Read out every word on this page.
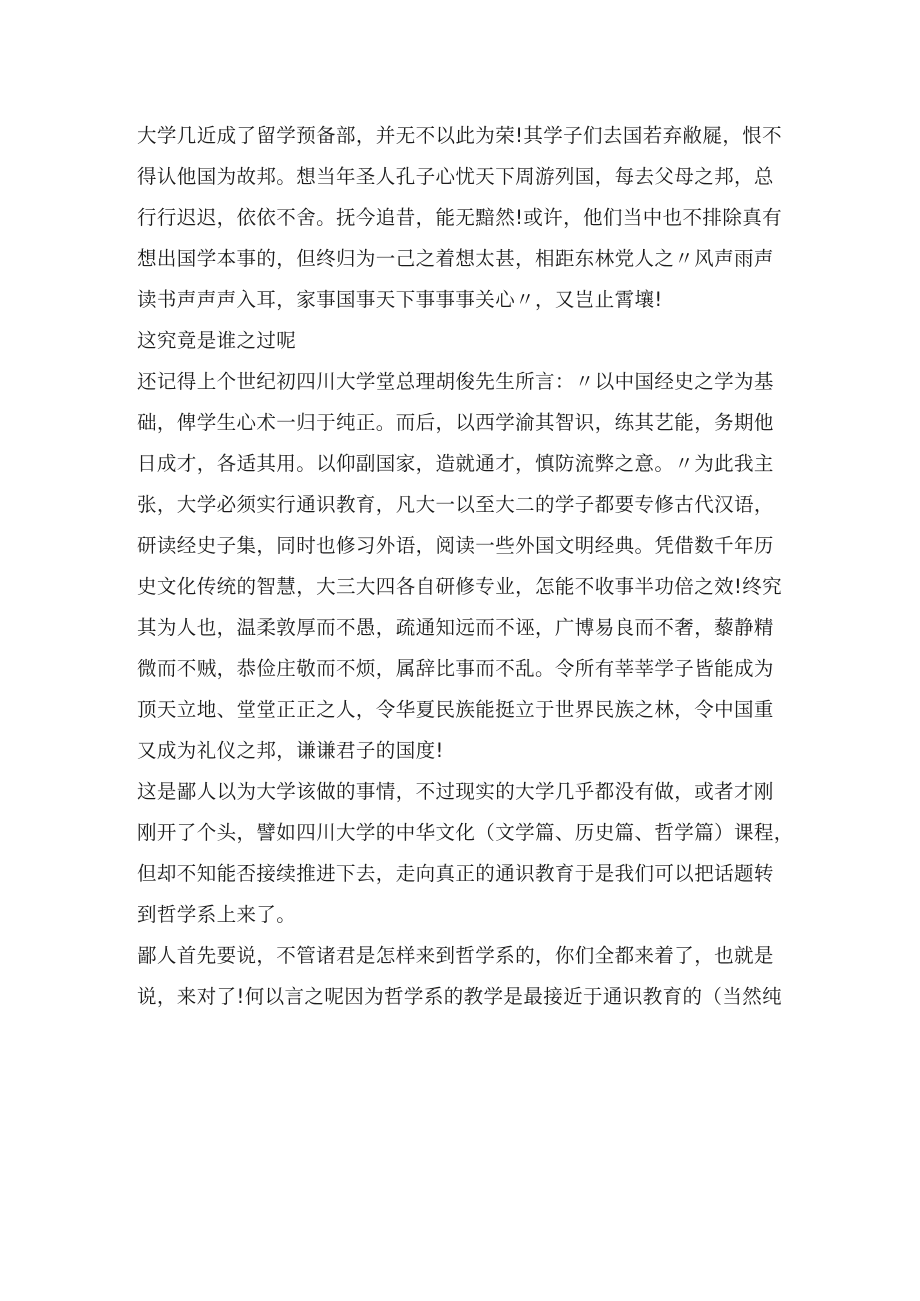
大学几近成了留学预备部，并无不以此为荣!其学子们去国若弃敝屣，恨不
得认他国为故邦。想当年圣人孔子心忧天下周游列国，每去父母之邦，总
行行迟迟，依依不舍。抚今追昔，能无黯然!或许，他们当中也不排除真有
想出国学本事的，但终归为一己之着想太甚，相距东林党人之〃风声雨声
读书声声声入耳，家事国事天下事事事关心〃，又岂止霄壤!
这究竟是谁之过呢
还记得上个世纪初四川大学堂总理胡俊先生所言：〃以中国经史之学为基
础，俾学生心术一归于纯正。而后，以西学渝其智识，练其艺能，务期他
日成才，各适其用。以仰副国家，造就通才，慎防流弊之意。〃为此我主
张，大学必须实行通识教育，凡大一以至大二的学子都要专修古代汉语，
研读经史子集，同时也修习外语，阅读一些外国文明经典。凭借数千年历
史文化传统的智慧，大三大四各自研修专业，怎能不收事半功倍之效!终究
其为人也，温柔敦厚而不愚，疏通知远而不诬，广博易良而不奢，藜静精
微而不贼，恭俭庄敬而不烦，属辞比事而不乱。令所有莘莘学子皆能成为
顶天立地、堂堂正正之人，令华夏民族能挺立于世界民族之林，令中国重
又成为礼仪之邦，谦谦君子的国度!
这是鄙人以为大学该做的事情，不过现实的大学几乎都没有做，或者才刚
刚开了个头，譬如四川大学的中华文化（文学篇、历史篇、哲学篇）课程，
但却不知能否接续推进下去，走向真正的通识教育于是我们可以把话题转
到哲学系上来了。
鄙人首先要说，不管诸君是怎样来到哲学系的，你们全都来着了，也就是
说，来对了!何以言之呢因为哲学系的教学是最接近于通识教育的（当然纯
